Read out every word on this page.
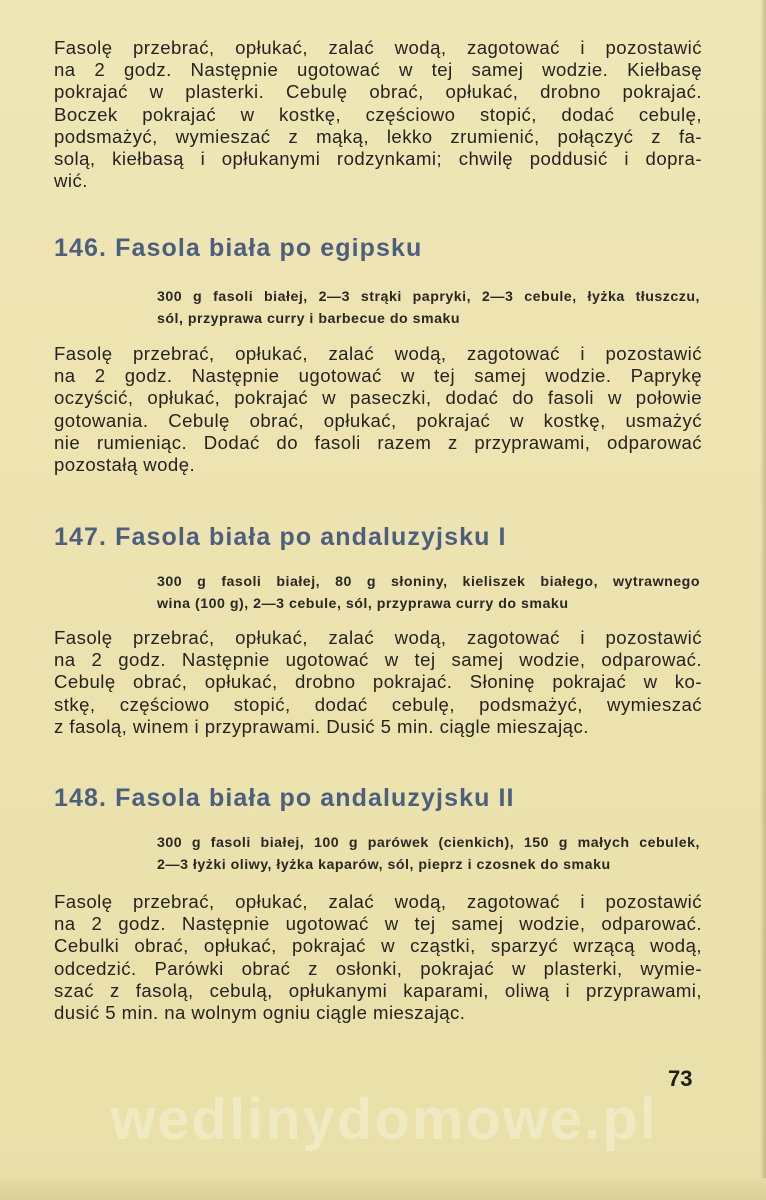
Fasolę przebrać, opłukać, zalać wodą, zagotować i pozostawić
na 2 godz. Następnie ugotować w tej samej wodzie. Kiełbasę
pokrajać w plasterki. Cebulę obrać, opłukać, drobno pokrajać.
Boczek pokrajać w kostkę, częściowo stopić, dodać cebulę,
podsmażyć, wymieszać z mąką, lekko zrumienić, połączyć z fa-
solą, kiełbasą i opłukanymi rodzynkami; chwilę poddusić i dopra-
wić.
146. Fasola biała po egipsku
300 g fasoli białej, 2—3 strąki papryki, 2—3 cebule, łyżka tłuszczu,
sól, przyprawa curry i barbecue do smaku
Fasolę przebrać, opłukać, zalać wodą, zagotować i pozostawić
na 2 godz. Następnie ugotować w tej samej wodzie. Paprykę
oczyścić, opłukać, pokrajać w paseczki, dodać do fasoli w połowie
gotowania. Cebulę obrać, opłukać, pokrajać w kostkę, usmażyć
nie rumieniąc. Dodać do fasoli razem z przyprawami, odparować
pozostałą wodę.
147. Fasola biała po andaluzyjsku I
300 g fasoli białej, 80 g słoniny, kieliszek białego, wytrawnego
wina (100 g), 2—3 cebule, sól, przyprawa curry do smaku
Fasolę przebrać, opłukać, zalać wodą, zagotować i pozostawić
na 2 godz. Następnie ugotować w tej samej wodzie, odparować.
Cebulę obrać, opłukać, drobno pokrajać. Słoninę pokrajać w ko-
stkę, częściowo stopić, dodać cebulę, podsmażyć, wymieszać
z fasolą, winem i przyprawami. Dusić 5 min. ciągle mieszając.
148. Fasola biała po andaluzyjsku II
300 g fasoli białej, 100 g parówek (cienkich), 150 g małych cebulek,
2—3 łyżki oliwy, łyżka kaparów, sól, pieprz i czosnek do smaku
Fasolę przebrać, opłukać, zalać wodą, zagotować i pozostawić
na 2 godz. Następnie ugotować w tej samej wodzie, odparować.
Cebulki obrać, opłukać, pokrajać w cząstki, sparzyć wrzącą wodą,
odcedzić. Parówki obrać z osłonki, pokrajać w plasterki, wymie-
szać z fasolą, cebulą, opłukanymi kaparami, oliwą i przyprawami,
dusić 5 min. na wolnym ogniu ciągle mieszając.
73
wedlinydomowe.pl
